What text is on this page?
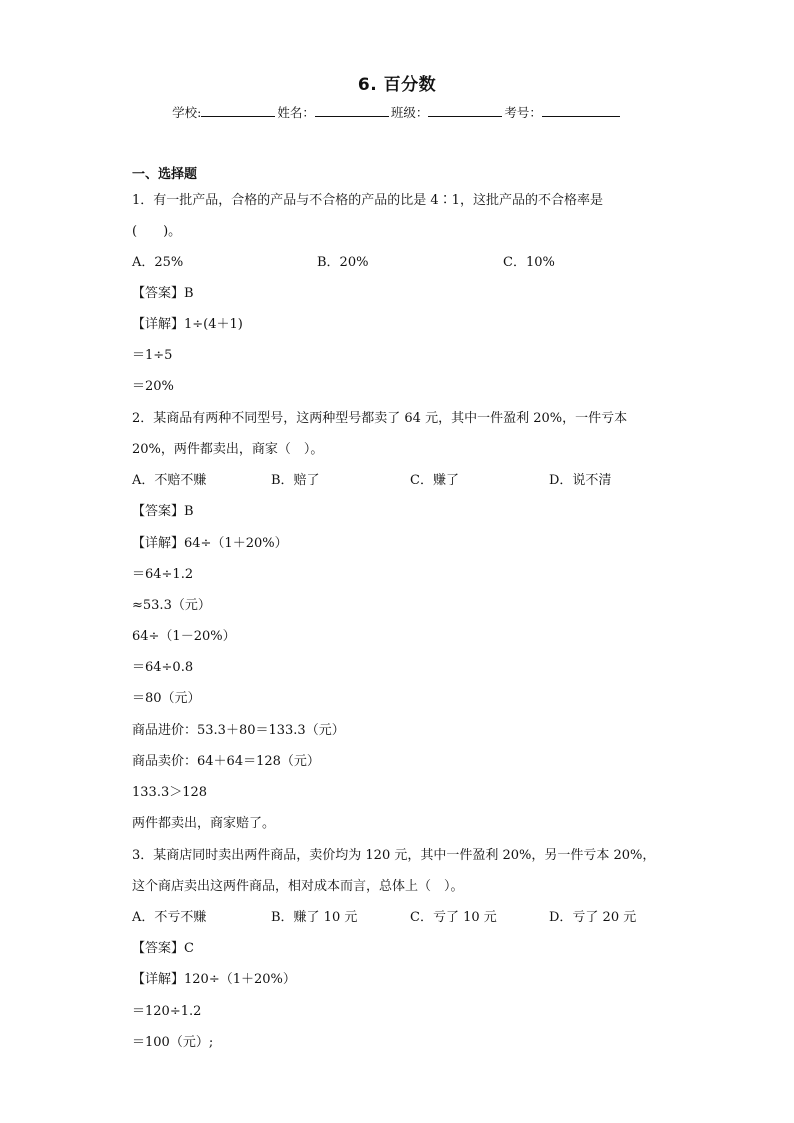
6. 百分数
学校:	姓名：	班级：	考号：
一、选择题
1．有一批产品，合格的产品与不合格的产品的比是 4∶1，这批产品的不合格率是
(　　)。
A．25%	B．20%	C．10%
【答案】B
【详解】1÷(4＋1)
＝1÷5
＝20%
2．某商品有两种不同型号，这两种型号都卖了 64 元，其中一件盈利 20%，一件亏本
20%，两件都卖出，商家（　）。
A．不赔不赚	B．赔了	C．赚了	D．说不清
【答案】B
【详解】64÷（1＋20%）
＝64÷1.2
≈53.3（元）
64÷（1－20%）
＝64÷0.8
＝80（元）
商品进价：53.3＋80＝133.3（元）
商品卖价：64＋64＝128（元）
133.3＞128
两件都卖出，商家赔了。
3．某商店同时卖出两件商品，卖价均为 120 元，其中一件盈利 20%，另一件亏本 20%，
这个商店卖出这两件商品，相对成本而言，总体上（　）。
A．不亏不赚	B．赚了 10 元	C．亏了 10 元	D．亏了 20 元
【答案】C
【详解】120÷（1＋20%）
＝120÷1.2
＝100（元）;
